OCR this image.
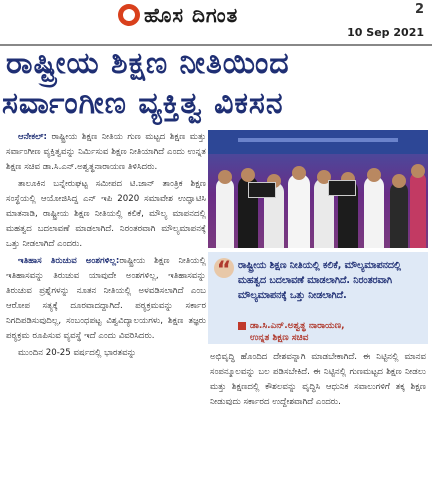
ಹೊಸ ದಿಗಂತ	2
10 Sep 2021
ರಾಷ್ಟ್ರೀಯ ಶಿಕ್ಷಣ ನೀತಿಯಿಂದ
ಸರ್ವಾಂಗೀಣ ವ್ಯಕ್ತಿತ್ವ ವಿಕಸನ

ಆನೇಕಲ್: ರಾಷ್ಟ್ರೀಯ ಶಿಕ್ಷಣ ನೀತಿಯ ಗುಣ ಮಟ್ಟದ ಶಿಕ್ಷಣ ಮತ್ತು ಸರ್ವಾಂಗೀಣ ವ್ಯಕ್ತಿತ್ವವನ್ನು ನಿರ್ಮಿಸುವ ಶಿಕ್ಷಣ ನೀತಿಯಾಗಿದೆ ಎಂದು ಉನ್ನತ ಶಿಕ್ಷಣ ಸಚಿವ ಡಾ.ಸಿ.ಎನ್.ಅಶ್ವತ್ಥನಾರಾಯಣ ತಿಳಿಸಿದರು.

ತಾಲೂಕಿನ ಬನ್ನೇರುಘಟ್ಟ ಸಮೀಪದ ಟಿ.ಜಾನ್ ತಾಂತ್ರಿಕ ಶಿಕ್ಷಣ ಸಂಸ್ಥೆಯಲ್ಲಿ ಆಯೋಜಿಸಿದ್ದ ಎನ್ ಇಪಿ 2020 ಸಮಾವೇಶ ಉದ್ಘಾಟಿಸಿ ಮಾತನಾಡಿ, ರಾಷ್ಟ್ರೀಯ ಶಿಕ್ಷಣ ನೀತಿಯಲ್ಲಿ ಕಲಿಕೆ, ಮೌಲ್ಯ ಮಾಪನದಲ್ಲಿ ಮಹತ್ವದ ಬದಲಾವಣೆ ಮಾಡಲಾಗಿದೆ. ನಿರಂತರವಾಗಿ ಮೌಲ್ಯಮಾಪನಕ್ಕೆ ಒತ್ತು ನೀಡಲಾಗಿದೆ ಎಂದರು.

ಇತಿಹಾಸ ತಿರುಚುವ ಅಂಶಗಳಿಲ್ಲ:ರಾಷ್ಟ್ರೀಯ ಶಿಕ್ಷಣ ನೀತಿಯಲ್ಲಿ ಇತಿಹಾಸವನ್ನು ತಿರುಚುವ ಯಾವುದೇ ಅಂಶಗಳಿಲ್ಲ, ಇತಿಹಾಸವನ್ನು ತಿರುಚುವ ಪ್ರಶ್ನೆಗಳನ್ನು ನೂತನ ನೀತಿಯಲ್ಲಿ ಅಳವಡಿಸಲಾಗಿದೆ ಎಂಬ ಆರೋಪ ಸತ್ಯಕ್ಕೆ ದೂರವಾದದ್ದಾಗಿದೆ. ಪಠ್ಯಕ್ರಮವನ್ನು ಸರ್ಕಾರ ನಿಗದಿಪಡಿಸುವುದಿಲ್ಲ, ಸಂಬಂಧಪಟ್ಟ ವಿಶ್ವವಿದ್ಯಾಲಯಗಳು, ಶಿಕ್ಷಣ ತಜ್ಞರು ಪಠ್ಯಕ್ರಮ ರೂಪಿಸುವ ವ್ಯವಸ್ಥೆ ಇದೆ ಎಂದು ವಿವರಿಸಿದರು.

ಮುಂದಿನ 20-25 ವರ್ಷದಲ್ಲಿ ಭಾರತವನ್ನು

“ ರಾಷ್ಟ್ರೀಯ ಶಿಕ್ಷಣ ನೀತಿಯಲ್ಲಿ ಕಲಿಕೆ, ಮೌಲ್ಯಮಾಪನದಲ್ಲಿ ಮಹತ್ವದ ಬದಲಾವಣೆ ಮಾಡಲಾಗಿದೆ. ನಿರಂತರವಾಗಿ ಮೌಲ್ಯಮಾಪನಕ್ಕೆ ಒತ್ತು ನೀಡಲಾಗಿದೆ.
ಡಾ.ಸಿ.ಎನ್.ಅಶ್ವತ್ಥ ನಾರಾಯಣ,
ಉನ್ನತ ಶಿಕ್ಷಣ ಸಚಿವ

ಅಭಿವೃದ್ಧಿ ಹೊಂದಿದ ದೇಶವನ್ನಾಗಿ ಮಾಡಬೇಕಾಗಿದೆ. ಈ ನಿಟ್ಟಿನಲ್ಲಿ ಮಾನವ ಸಂಪನ್ಮೂಲವನ್ನು ಬಲ ಪಡಿಸಬೇಕಿದೆ. ಈ ನಿಟ್ಟಿನಲ್ಲಿ ಗುಣಮಟ್ಟದ ಶಿಕ್ಷಣ ನೀಡಲು ಮತ್ತು ಶಿಕ್ಷಣದಲ್ಲಿ ಕೌಶಲವನ್ನು ವೃದ್ಧಿಸಿ ಆಧುನಿಕ ಸವಾಲುಗಳಿಗೆ ತಕ್ಕ ಶಿಕ್ಷಣ ನೀಡುವುದು ಸರ್ಕಾರದ ಉದ್ದೇಶವಾಗಿದೆ ಎಂದರು.
